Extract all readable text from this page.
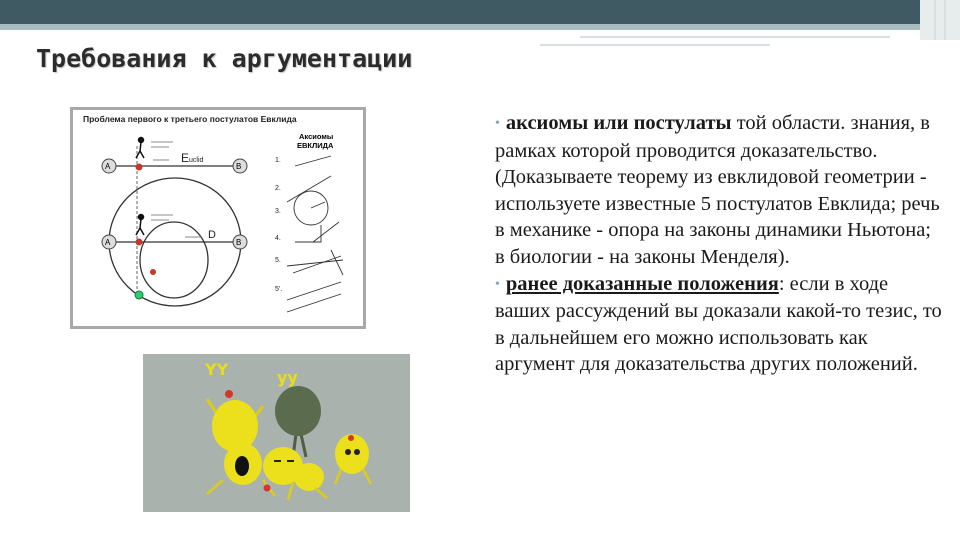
Требования к аргументации
Проблема первого к третьего постулатов Евклида
A	B
A	B
Euclid
D
Аксиомы
ЕВКЛИДА
1.
2.
3.
4.
5.
5'.
YY	yy

• аксиомы или постулаты той области. знания, в рамках которой проводится доказательство. (Доказываете теорему из евклидовой геометрии - используете известные 5 постулатов Евклида; речь в механике - опора на законы динамики Ньютона; в биологии - на законы Менделя).

• ранее доказанные положения: если в ходе ваших рассуждений вы доказали какой-то тезис, то в дальнейшем его можно использовать как аргумент для доказательства других положений.
